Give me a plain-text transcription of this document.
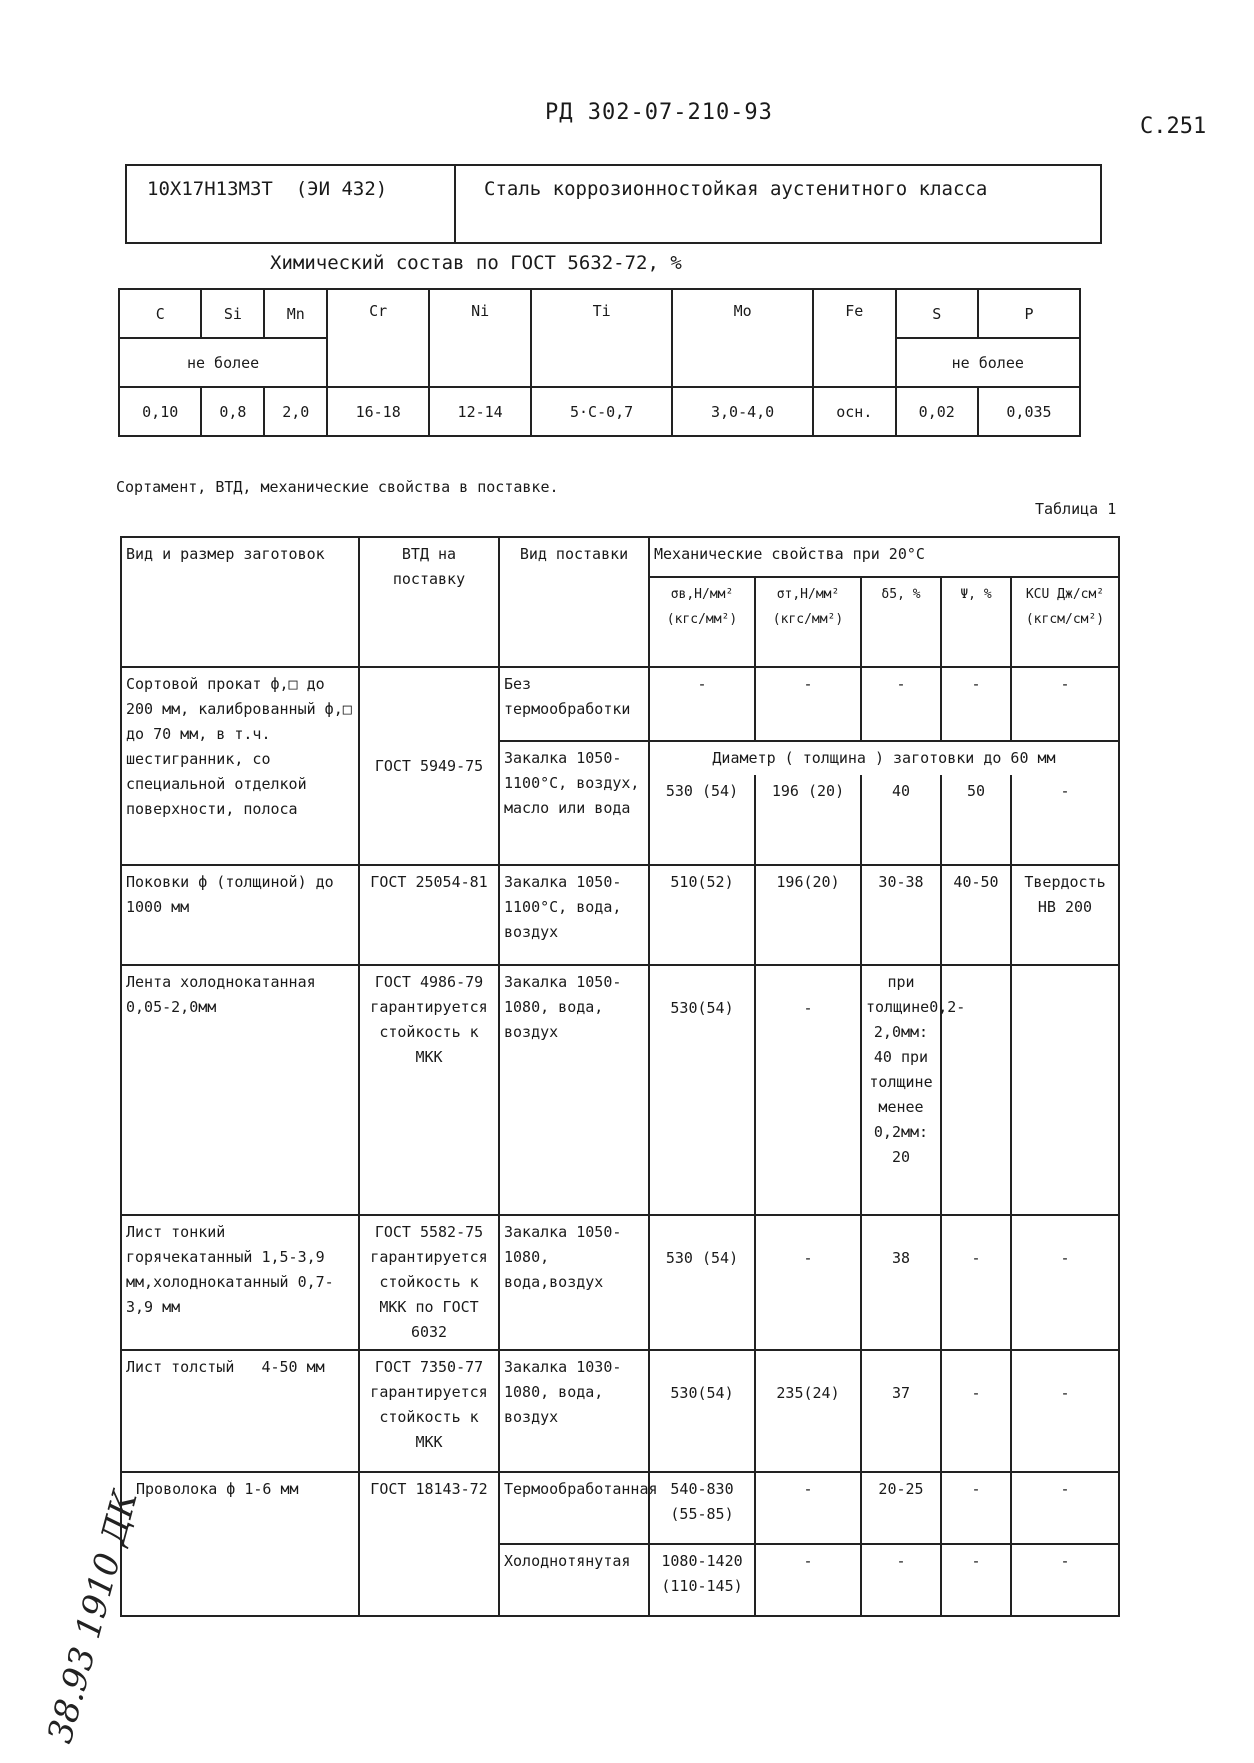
РД 302-07-210-93
С.251
10Х17Н13М3Т  (ЭИ 432)	Сталь коррозионностойкая аустенитного класса
Химический состав по ГОСТ 5632-72, %
C	Si	Mn	Cr	Ni	Ti	Mo	Fe	S	P
не более								не более	
0,10	0,8	2,0	16-18	12-14	5·С-0,7	3,0-4,0	осн.	0,02	0,035
Сортамент, ВТД, механические свойства в поставке.
Таблица 1
Вид и размер заготовок	ВТД на поставку	Вид поставки	Механические свойства при 20°С				
			σв,Н/мм² (кгс/мм²)	σт,Н/мм² (кгс/мм²)	δ5, %	Ψ, %	KCU Дж/см² (кгсм/см²)
Сортовой прокат ф,□ до 200 мм, калиброванный ф,□ до 70 мм, в т.ч. шестигранник, со специальной отделкой поверхности, полоса	ГОСТ 5949-75	Без термообработки	-	-	-	-	-
		Закалка 1050-1100°С, воздух, масло или вода	Диаметр ( толщина ) заготовки до 60 мм				
			530 (54)	196 (20)	40	50	-
Поковки ф (толщиной) до 1000 мм	ГОСТ 25054-81	Закалка 1050-1100°С, вода, воздух	510(52)	196(20)	30-38	40-50	Твердость НВ 200
Лента холоднокатанная 0,05-2,0мм	ГОСТ 4986-79 гарантируется стойкость к МКК	Закалка 1050-1080, вода, воздух	530(54)	-	при толщине0,2-2,0мм: 40 при толщине менее 0,2мм: 20		
Лист тонкий горячекатанный 1,5-3,9 мм,холоднокатанный 0,7-3,9 мм	ГОСТ 5582-75 гарантируется стойкость к МКК по ГОСТ 6032	Закалка 1050-1080, вода,воздух	530 (54)	-	38	-	-
Лист толстый   4-50 мм	ГОСТ 7350-77 гарантируется стойкость к МКК	Закалка 1030-1080, вода, воздух	530(54)	235(24)	37	-	-
Проволока ф 1-6 мм	ГОСТ 18143-72	Термообработанная	540-830 (55-85)	-	20-25	-	-
		Холоднотянутая	1080-1420 (110-145)	-	-	-	-
38.93 1910 ДК
